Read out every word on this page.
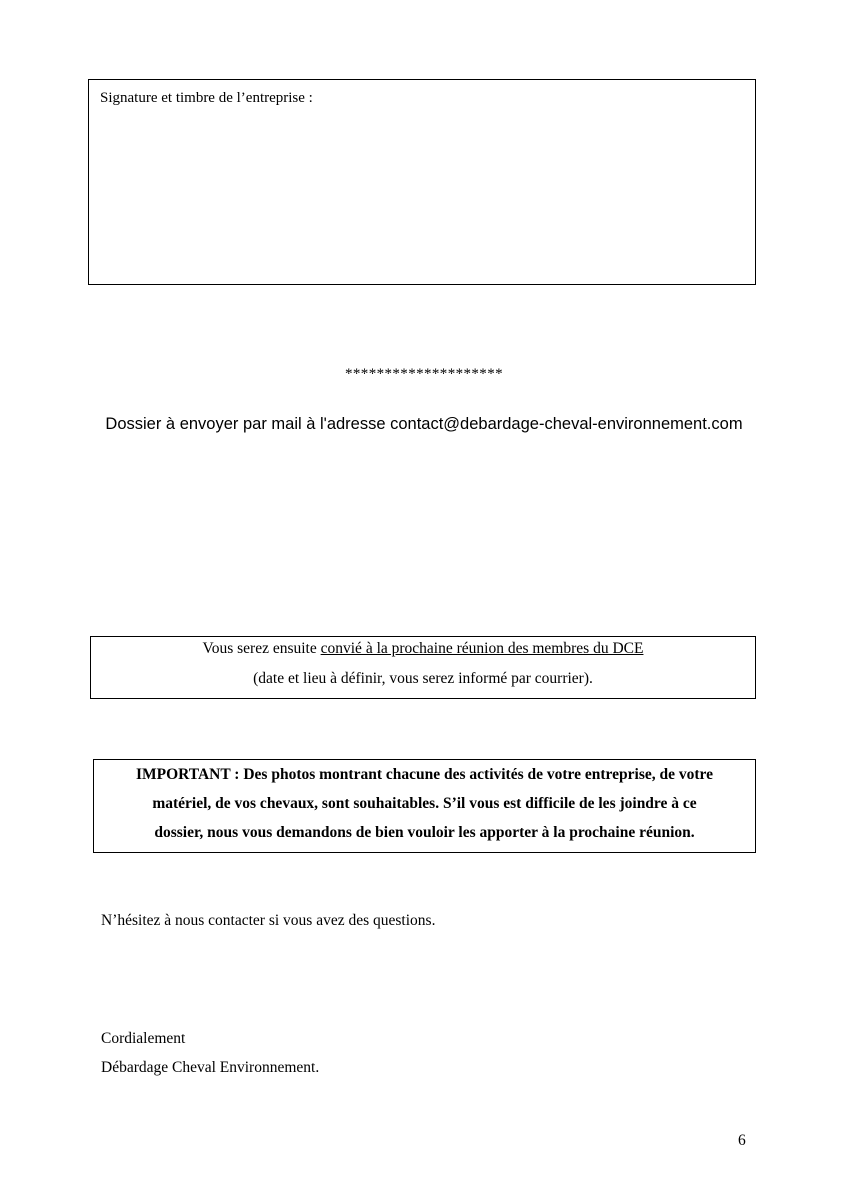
Signature et timbre de l’entreprise :
********************
Dossier à envoyer par mail à l'adresse contact@debardage-cheval-environnement.com
Vous serez ensuite convié à la prochaine réunion des membres du DCE
(date et lieu à définir, vous serez informé par courrier).

IMPORTANT : Des photos montrant chacune des activités de votre entreprise, de votre

matériel, de vos chevaux, sont souhaitables. S’il vous est difficile de les joindre à ce

dossier, nous vous demandons de bien vouloir les apporter à la prochaine réunion.

N’hésitez à nous contacter si vous avez des questions.
Cordialement
Débardage Cheval Environnement.
6
